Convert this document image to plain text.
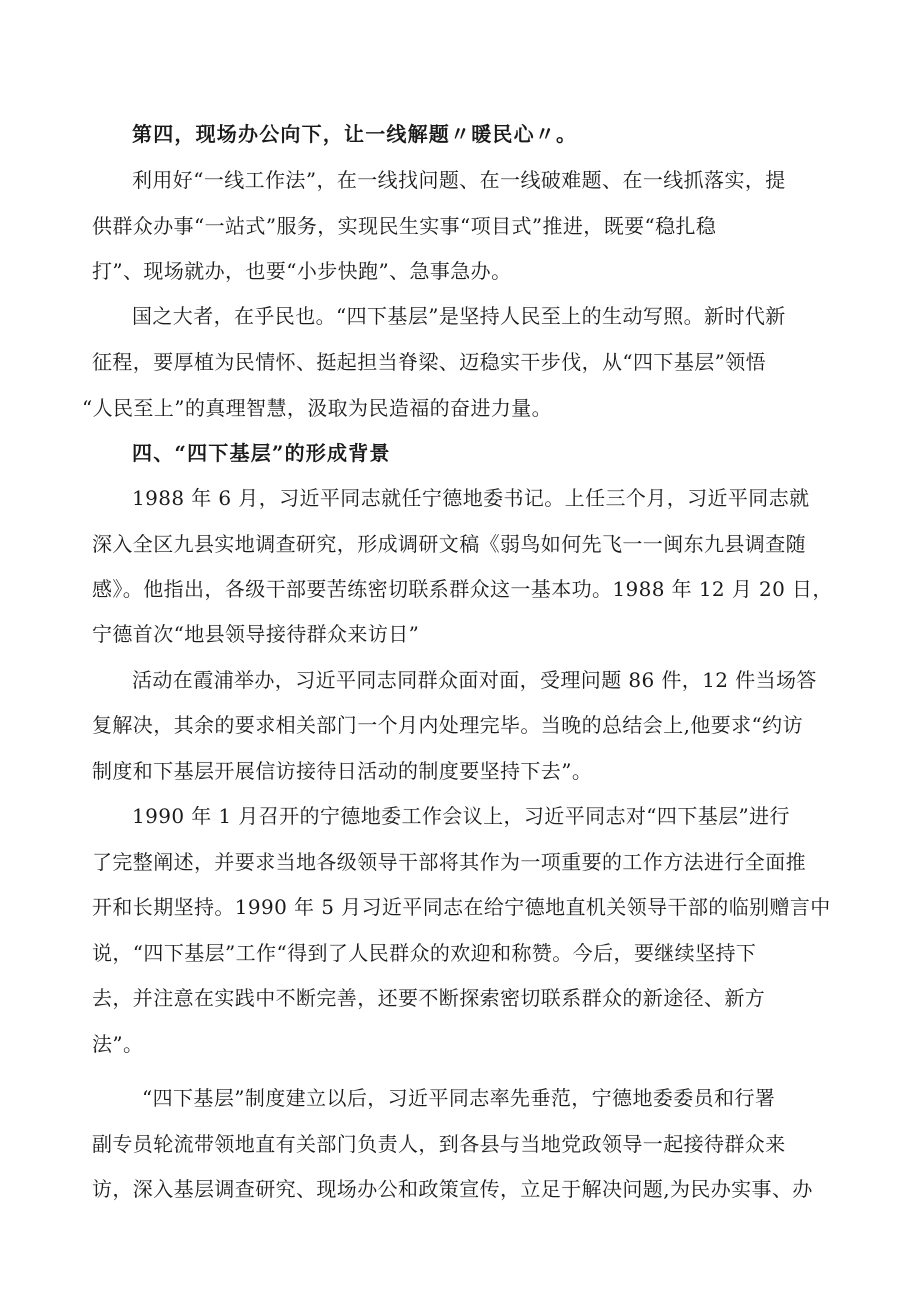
第四，现场办公向下，让一线解题〃暖民心〃。
利用好“一线工作法”，在一线找问题、在一线破难题、在一线抓落实，提
供群众办事“一站式”服务，实现民生实事“项目式”推进，既要“稳扎稳
打”、现场就办，也要“小步快跑”、急事急办。
国之大者，在乎民也。“四下基层”是坚持人民至上的生动写照。新时代新
征程，要厚植为民情怀、挺起担当脊梁、迈稳实干步伐，从“四下基层”领悟
“人民至上”的真理智慧，汲取为民造福的奋进力量。
四、“四下基层”的形成背景
1988 年 6 月，习近平同志就任宁德地委书记。上任三个月，习近平同志就
深入全区九县实地调查研究，形成调研文稿《弱鸟如何先飞一一闽东九县调查随
感》。他指出，各级干部要苦练密切联系群众这一基本功。1988 年 12 月 20 日，
宁德首次“地县领导接待群众来访日”
活动在霞浦举办，习近平同志同群众面对面，受理问题 86 件，12 件当场答
复解决，其余的要求相关部门一个月内处理完毕。当晚的总结会上,他要求“约访
制度和下基层开展信访接待日活动的制度要坚持下去”。
1990 年 1 月召开的宁德地委工作会议上，习近平同志对“四下基层”进行
了完整阐述，并要求当地各级领导干部将其作为一项重要的工作方法进行全面推
开和长期坚持。1990 年 5 月习近平同志在给宁德地直机关领导干部的临别赠言中
说，“四下基层”工作“得到了人民群众的欢迎和称赞。今后，要继续坚持下
去，并注意在实践中不断完善，还要不断探索密切联系群众的新途径、新方
法”。
“四下基层”制度建立以后，习近平同志率先垂范，宁德地委委员和行署
副专员轮流带领地直有关部门负责人，到各县与当地党政领导一起接待群众来
访，深入基层调查研究、现场办公和政策宣传，立足于解决问题,为民办实事、办
